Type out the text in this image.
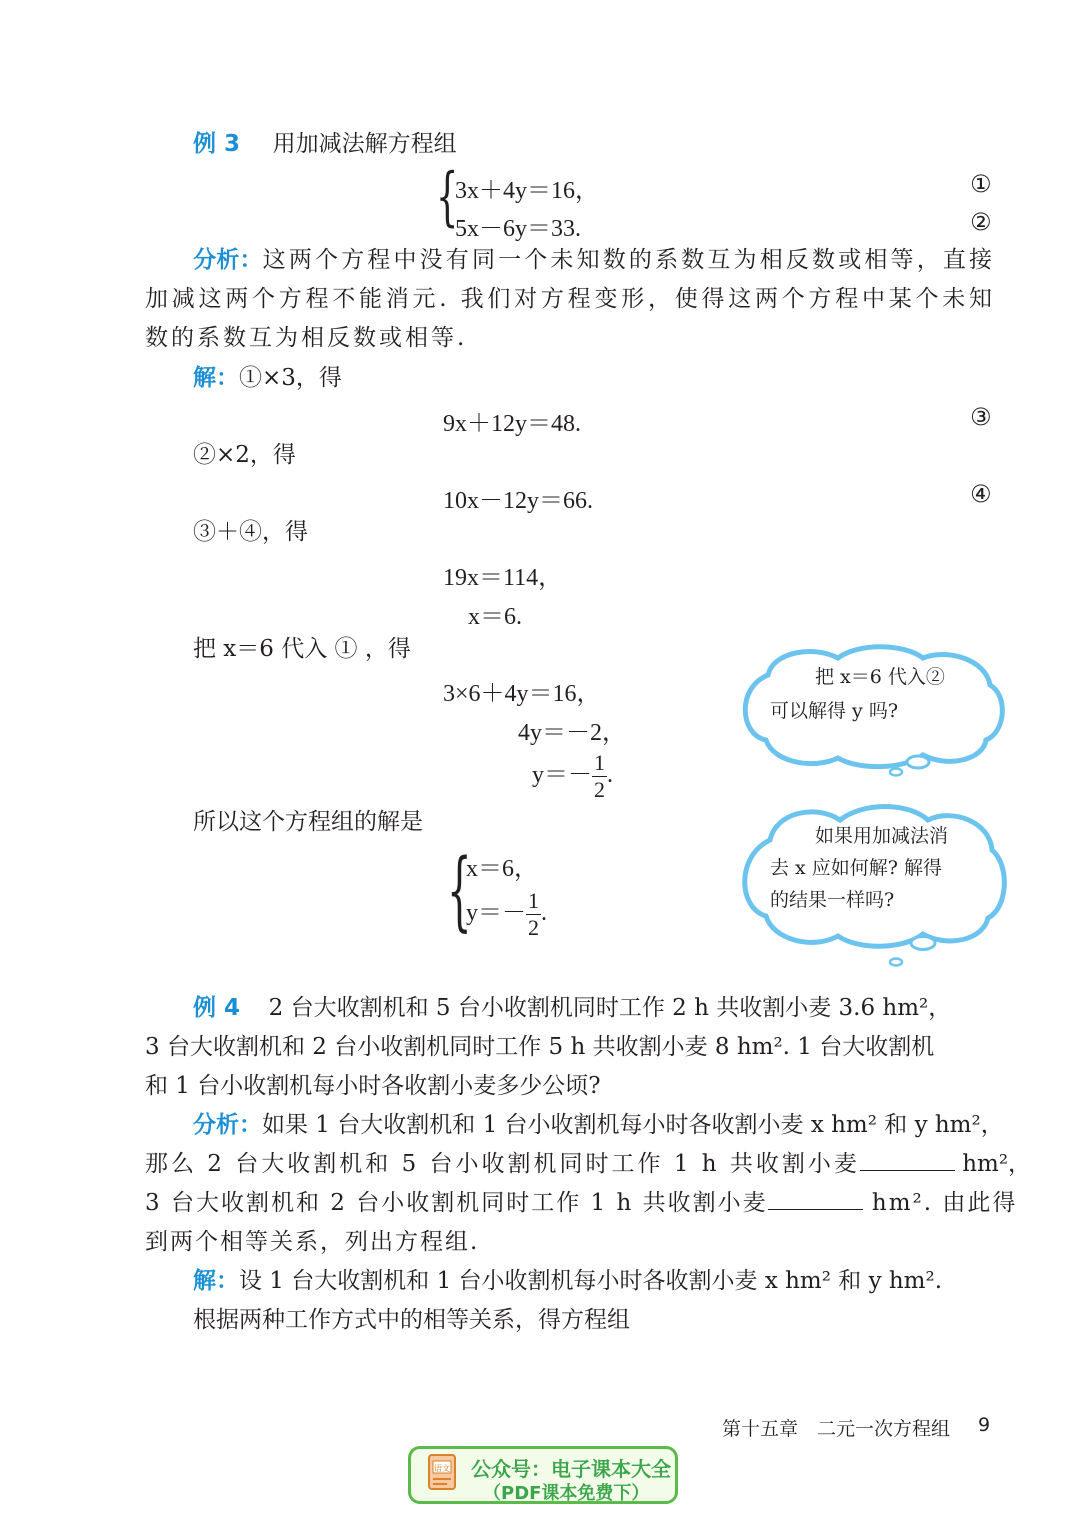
例 3 用加减法解方程组
{
3x＋4y＝16，
5x－6y＝33.
①
②
分析：这两个方程中没有同一个未知数的系数互为相反数或相等，直接加减这两个方程不能消元. 我们对方程变形，使得这两个方程中某个未知数的系数互为相反数或相等.
解：①×3，得
9x＋12y＝48.	③
②×2，得
10x－12y＝66.	④
③＋④，得
19x＝114，
x＝6.
把 x＝6 代入 ① ，得
3×6＋4y＝16，
4y＝－2，
$y=- \frac{1}{2}$ .
所以这个方程组的解是
{
x＝6，
$y=- \frac{1}{2}$ .
把 x＝6 代入②
可以解得 y 吗?
如果用加减法消
去 x 应如何解? 解得
的结果一样吗?
例 4 2 台大收割机和 5 台小收割机同时工作 2 h 共收割小麦 3.6 hm²，
3 台大收割机和 2 台小收割机同时工作 5 h 共收割小麦 8 hm². 1 台大收割机
和 1 台小收割机每小时各收割小麦多少公顷?
分析：如果 1 台大收割机和 1 台小收割机每小时各收割小麦 x hm² 和 y hm²，
那么 2 台大收割机和 5 台小收割机同时工作 1 h 共收割小麦	hm²，
3 台大收割机和 2 台小收割机同时工作 1 h 共收割小麦	hm². 由此得
到两个相等关系，列出方程组.
解：设 1 台大收割机和 1 台小收割机每小时各收割小麦 x hm² 和 y hm².
根据两种工作方式中的相等关系，得方程组
第十五章　二元一次方程组 9
语文 公众号：电子课本大全
（PDF课本免费下）
